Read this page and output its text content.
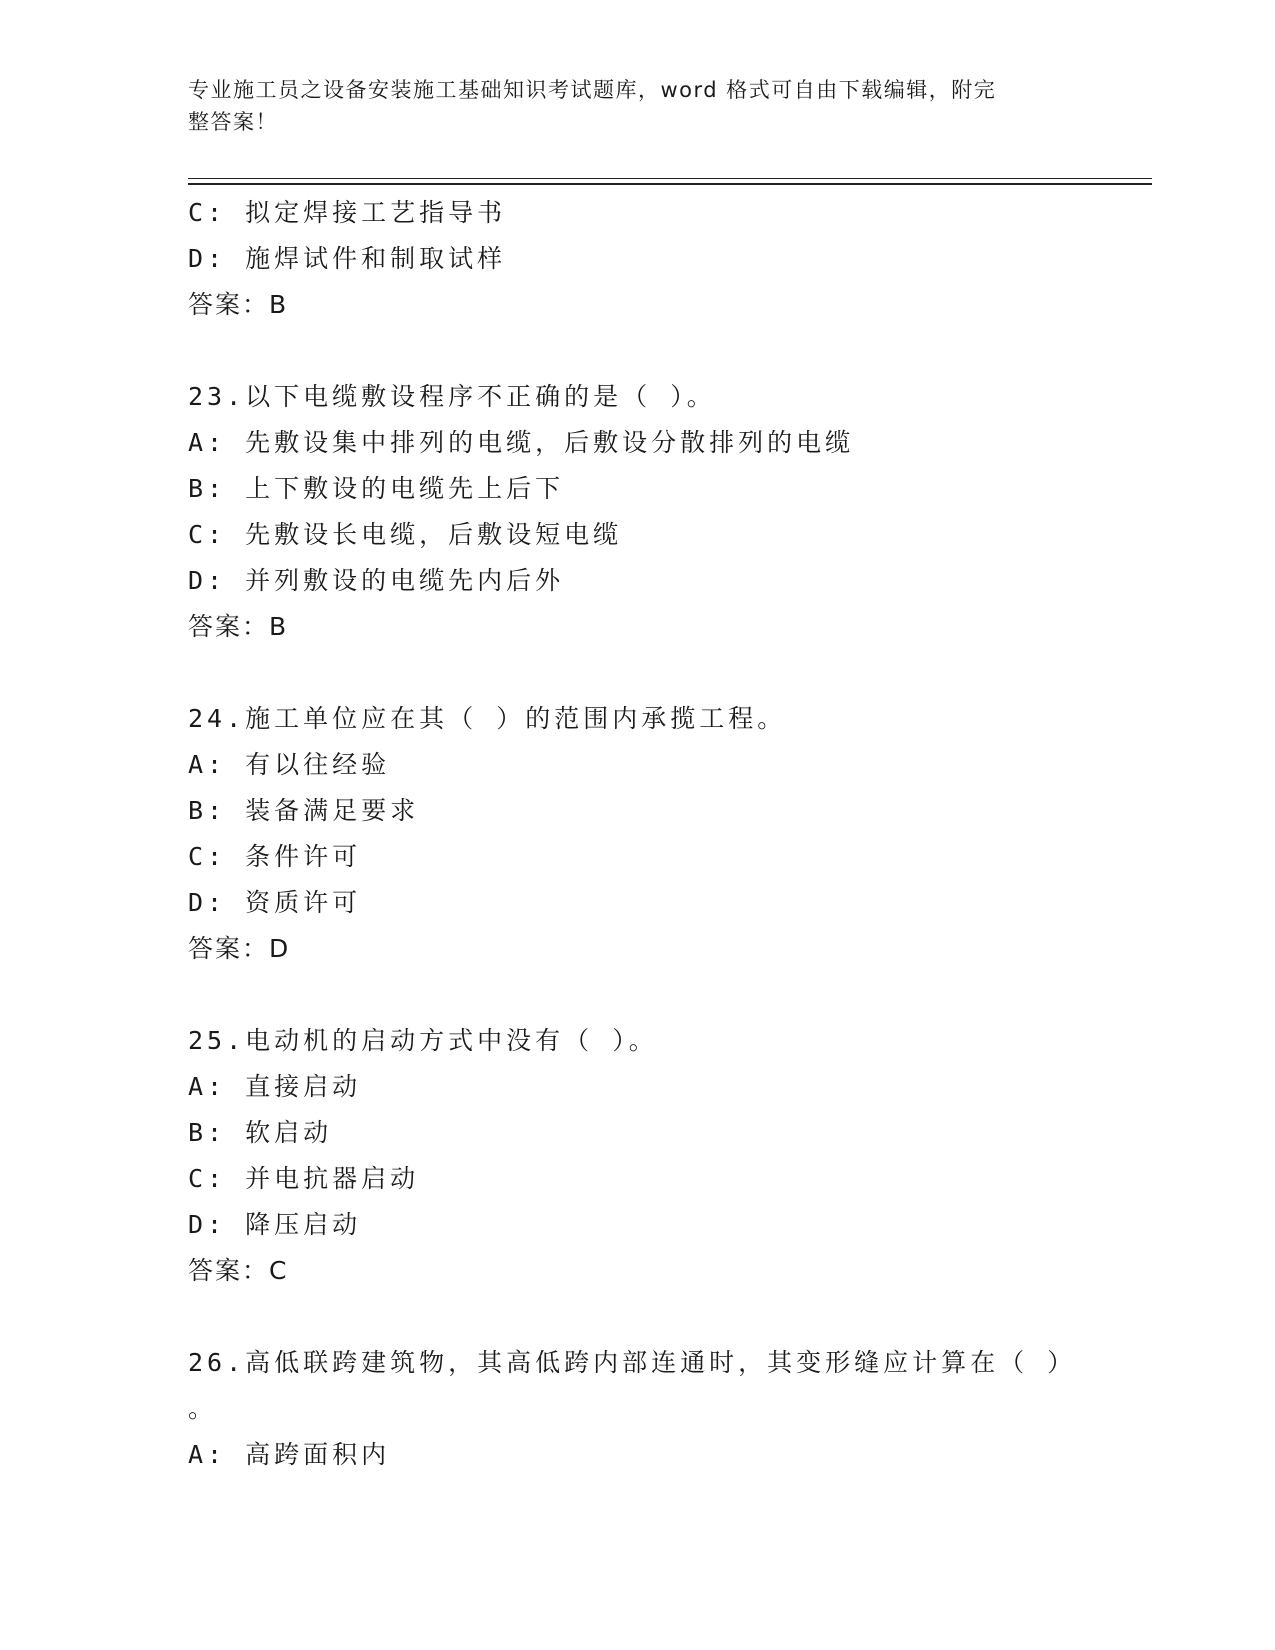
专业施工员之设备安装施工基础知识考试题库，word 格式可自由下载编辑，附完
整答案！
C: 拟定焊接工艺指导书
D: 施焊试件和制取试样
答案：B
23.以下电缆敷设程序不正确的是（ ）。
A: 先敷设集中排列的电缆，后敷设分散排列的电缆
B: 上下敷设的电缆先上后下
C: 先敷设长电缆，后敷设短电缆
D: 并列敷设的电缆先内后外
答案：B
24.施工单位应在其（ ）的范围内承揽工程。
A: 有以往经验
B: 装备满足要求
C: 条件许可
D: 资质许可
答案：D
25.电动机的启动方式中没有（ ）。
A: 直接启动
B: 软启动
C: 并电抗器启动
D: 降压启动
答案：C
26.高低联跨建筑物，其高低跨内部连通时，其变形缝应计算在（ ）
。
A: 高跨面积内
